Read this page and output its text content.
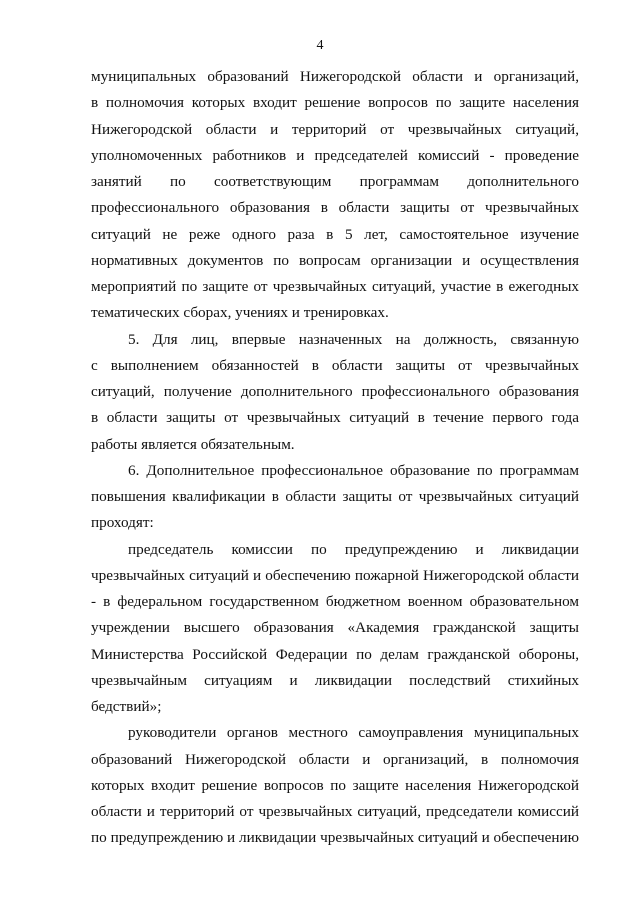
4
муниципальных образований Нижегородской области и организаций,
в полномочия которых входит решение вопросов по защите населения
Нижегородской области и территорий от чрезвычайных ситуаций,
уполномоченных работников и председателей комиссий - проведение
занятий по соответствующим программам дополнительного
профессионального образования в области защиты от чрезвычайных
ситуаций не реже одного раза в 5 лет, самостоятельное изучение
нормативных документов по вопросам организации и осуществления
мероприятий по защите от чрезвычайных ситуаций, участие в ежегодных
тематических сборах, учениях и тренировках.
5. Для лиц, впервые назначенных на должность, связанную
с выполнением обязанностей в области защиты от чрезвычайных
ситуаций, получение дополнительного профессионального образования
в области защиты от чрезвычайных ситуаций в течение первого года
работы является обязательным.
6. Дополнительное профессиональное образование по программам
повышения квалификации в области защиты от чрезвычайных ситуаций
проходят:
председатель комиссии по предупреждению и ликвидации
чрезвычайных ситуаций и обеспечению пожарной Нижегородской области
- в федеральном государственном бюджетном военном образовательном
учреждении высшего образования «Академия гражданской защиты
Министерства Российской Федерации по делам гражданской обороны,
чрезвычайным ситуациям и ликвидации последствий стихийных
бедствий»;
руководители органов местного самоуправления муниципальных
образований Нижегородской области и организаций, в полномочия
которых входит решение вопросов по защите населения Нижегородской
области и территорий от чрезвычайных ситуаций, председатели комиссий
по предупреждению и ликвидации чрезвычайных ситуаций и обеспечению
